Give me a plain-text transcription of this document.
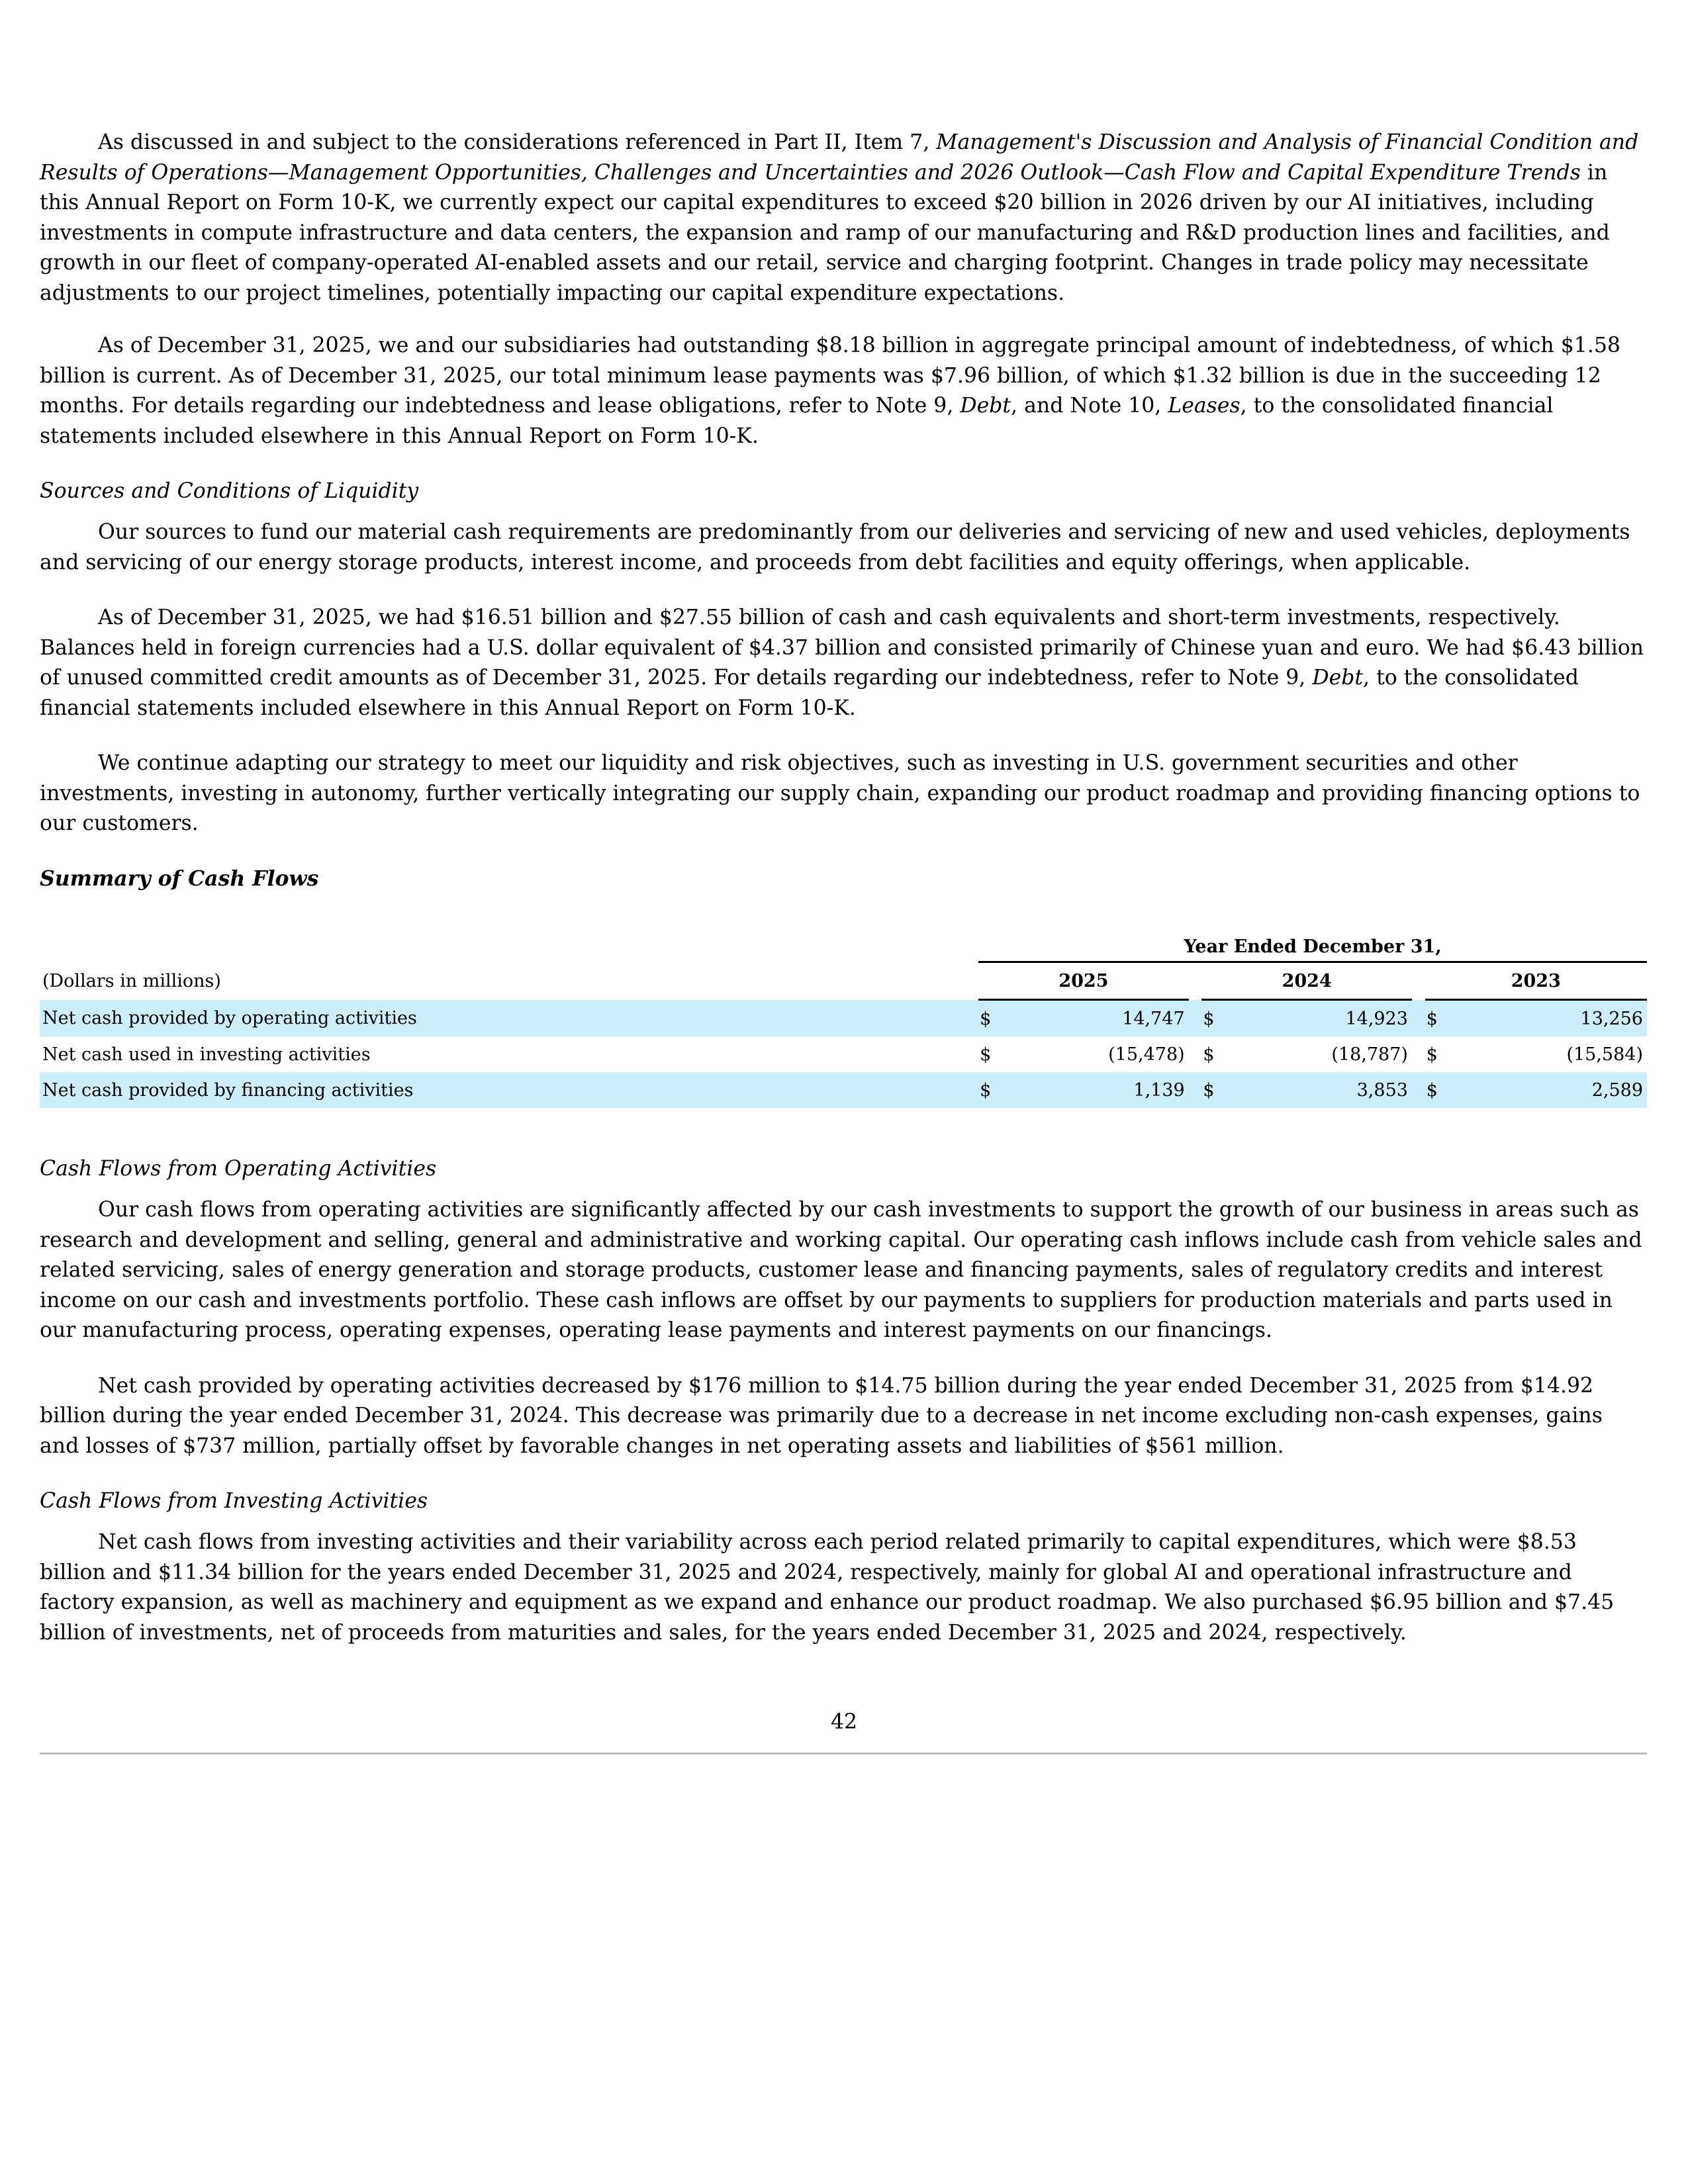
As discussed in and subject to the considerations referenced in Part II, Item 7, Management's Discussion and Analysis of Financial Condition and Results of Operations—Management Opportunities, Challenges and Uncertainties and 2026 Outlook—Cash Flow and Capital Expenditure Trends in this Annual Report on Form 10-K, we currently expect our capital expenditures to exceed $20 billion in 2026 driven by our AI initiatives, including investments in compute infrastructure and data centers, the expansion and ramp of our manufacturing and R&D production lines and facilities, and growth in our fleet of company-operated AI-enabled assets and our retail, service and charging footprint. Changes in trade policy may necessitate adjustments to our project timelines, potentially impacting our capital expenditure expectations.

As of December 31, 2025, we and our subsidiaries had outstanding $8.18 billion in aggregate principal amount of indebtedness, of which $1.58 billion is current. As of December 31, 2025, our total minimum lease payments was $7.96 billion, of which $1.32 billion is due in the succeeding 12 months. For details regarding our indebtedness and lease obligations, refer to Note 9, Debt, and Note 10, Leases, to the consolidated financial statements included elsewhere in this Annual Report on Form 10-K.

Sources and Conditions of Liquidity

Our sources to fund our material cash requirements are predominantly from our deliveries and servicing of new and used vehicles, deployments and servicing of our energy storage products, interest income, and proceeds from debt facilities and equity offerings, when applicable.

As of December 31, 2025, we had $16.51 billion and $27.55 billion of cash and cash equivalents and short-term investments, respectively. Balances held in foreign currencies had a U.S. dollar equivalent of $4.37 billion and consisted primarily of Chinese yuan and euro. We had $6.43 billion of unused committed credit amounts as of December 31, 2025. For details regarding our indebtedness, refer to Note 9, Debt, to the consolidated financial statements included elsewhere in this Annual Report on Form 10-K.

We continue adapting our strategy to meet our liquidity and risk objectives, such as investing in U.S. government securities and other investments, investing in autonomy, further vertically integrating our supply chain, expanding our product roadmap and providing financing options to our customers.

Summary of Cash Flows
	Year Ended December 31,							
(Dollars in millions)	2025			2024			2023	
Net cash provided by operating activities	$	14,747		$	14,923		$	13,256
Net cash used in investing activities	$	(15,478)		$	(18,787)		$	(15,584)
Net cash provided by financing activities	$	1,139		$	3,853		$	2,589
Cash Flows from Operating Activities

Our cash flows from operating activities are significantly affected by our cash investments to support the growth of our business in areas such as research and development and selling, general and administrative and working capital. Our operating cash inflows include cash from vehicle sales and related servicing, sales of energy generation and storage products, customer lease and financing payments, sales of regulatory credits and interest income on our cash and investments portfolio. These cash inflows are offset by our payments to suppliers for production materials and parts used in our manufacturing process, operating expenses, operating lease payments and interest payments on our financings.

Net cash provided by operating activities decreased by $176 million to $14.75 billion during the year ended December 31, 2025 from $14.92 billion during the year ended December 31, 2024. This decrease was primarily due to a decrease in net income excluding non-cash expenses, gains and losses of $737 million, partially offset by favorable changes in net operating assets and liabilities of $561 million.

Cash Flows from Investing Activities

Net cash flows from investing activities and their variability across each period related primarily to capital expenditures, which were $8.53 billion and $11.34 billion for the years ended December 31, 2025 and 2024, respectively, mainly for global AI and operational infrastructure and factory expansion, as well as machinery and equipment as we expand and enhance our product roadmap. We also purchased $6.95 billion and $7.45 billion of investments, net of proceeds from maturities and sales, for the years ended December 31, 2025 and 2024, respectively.

42
